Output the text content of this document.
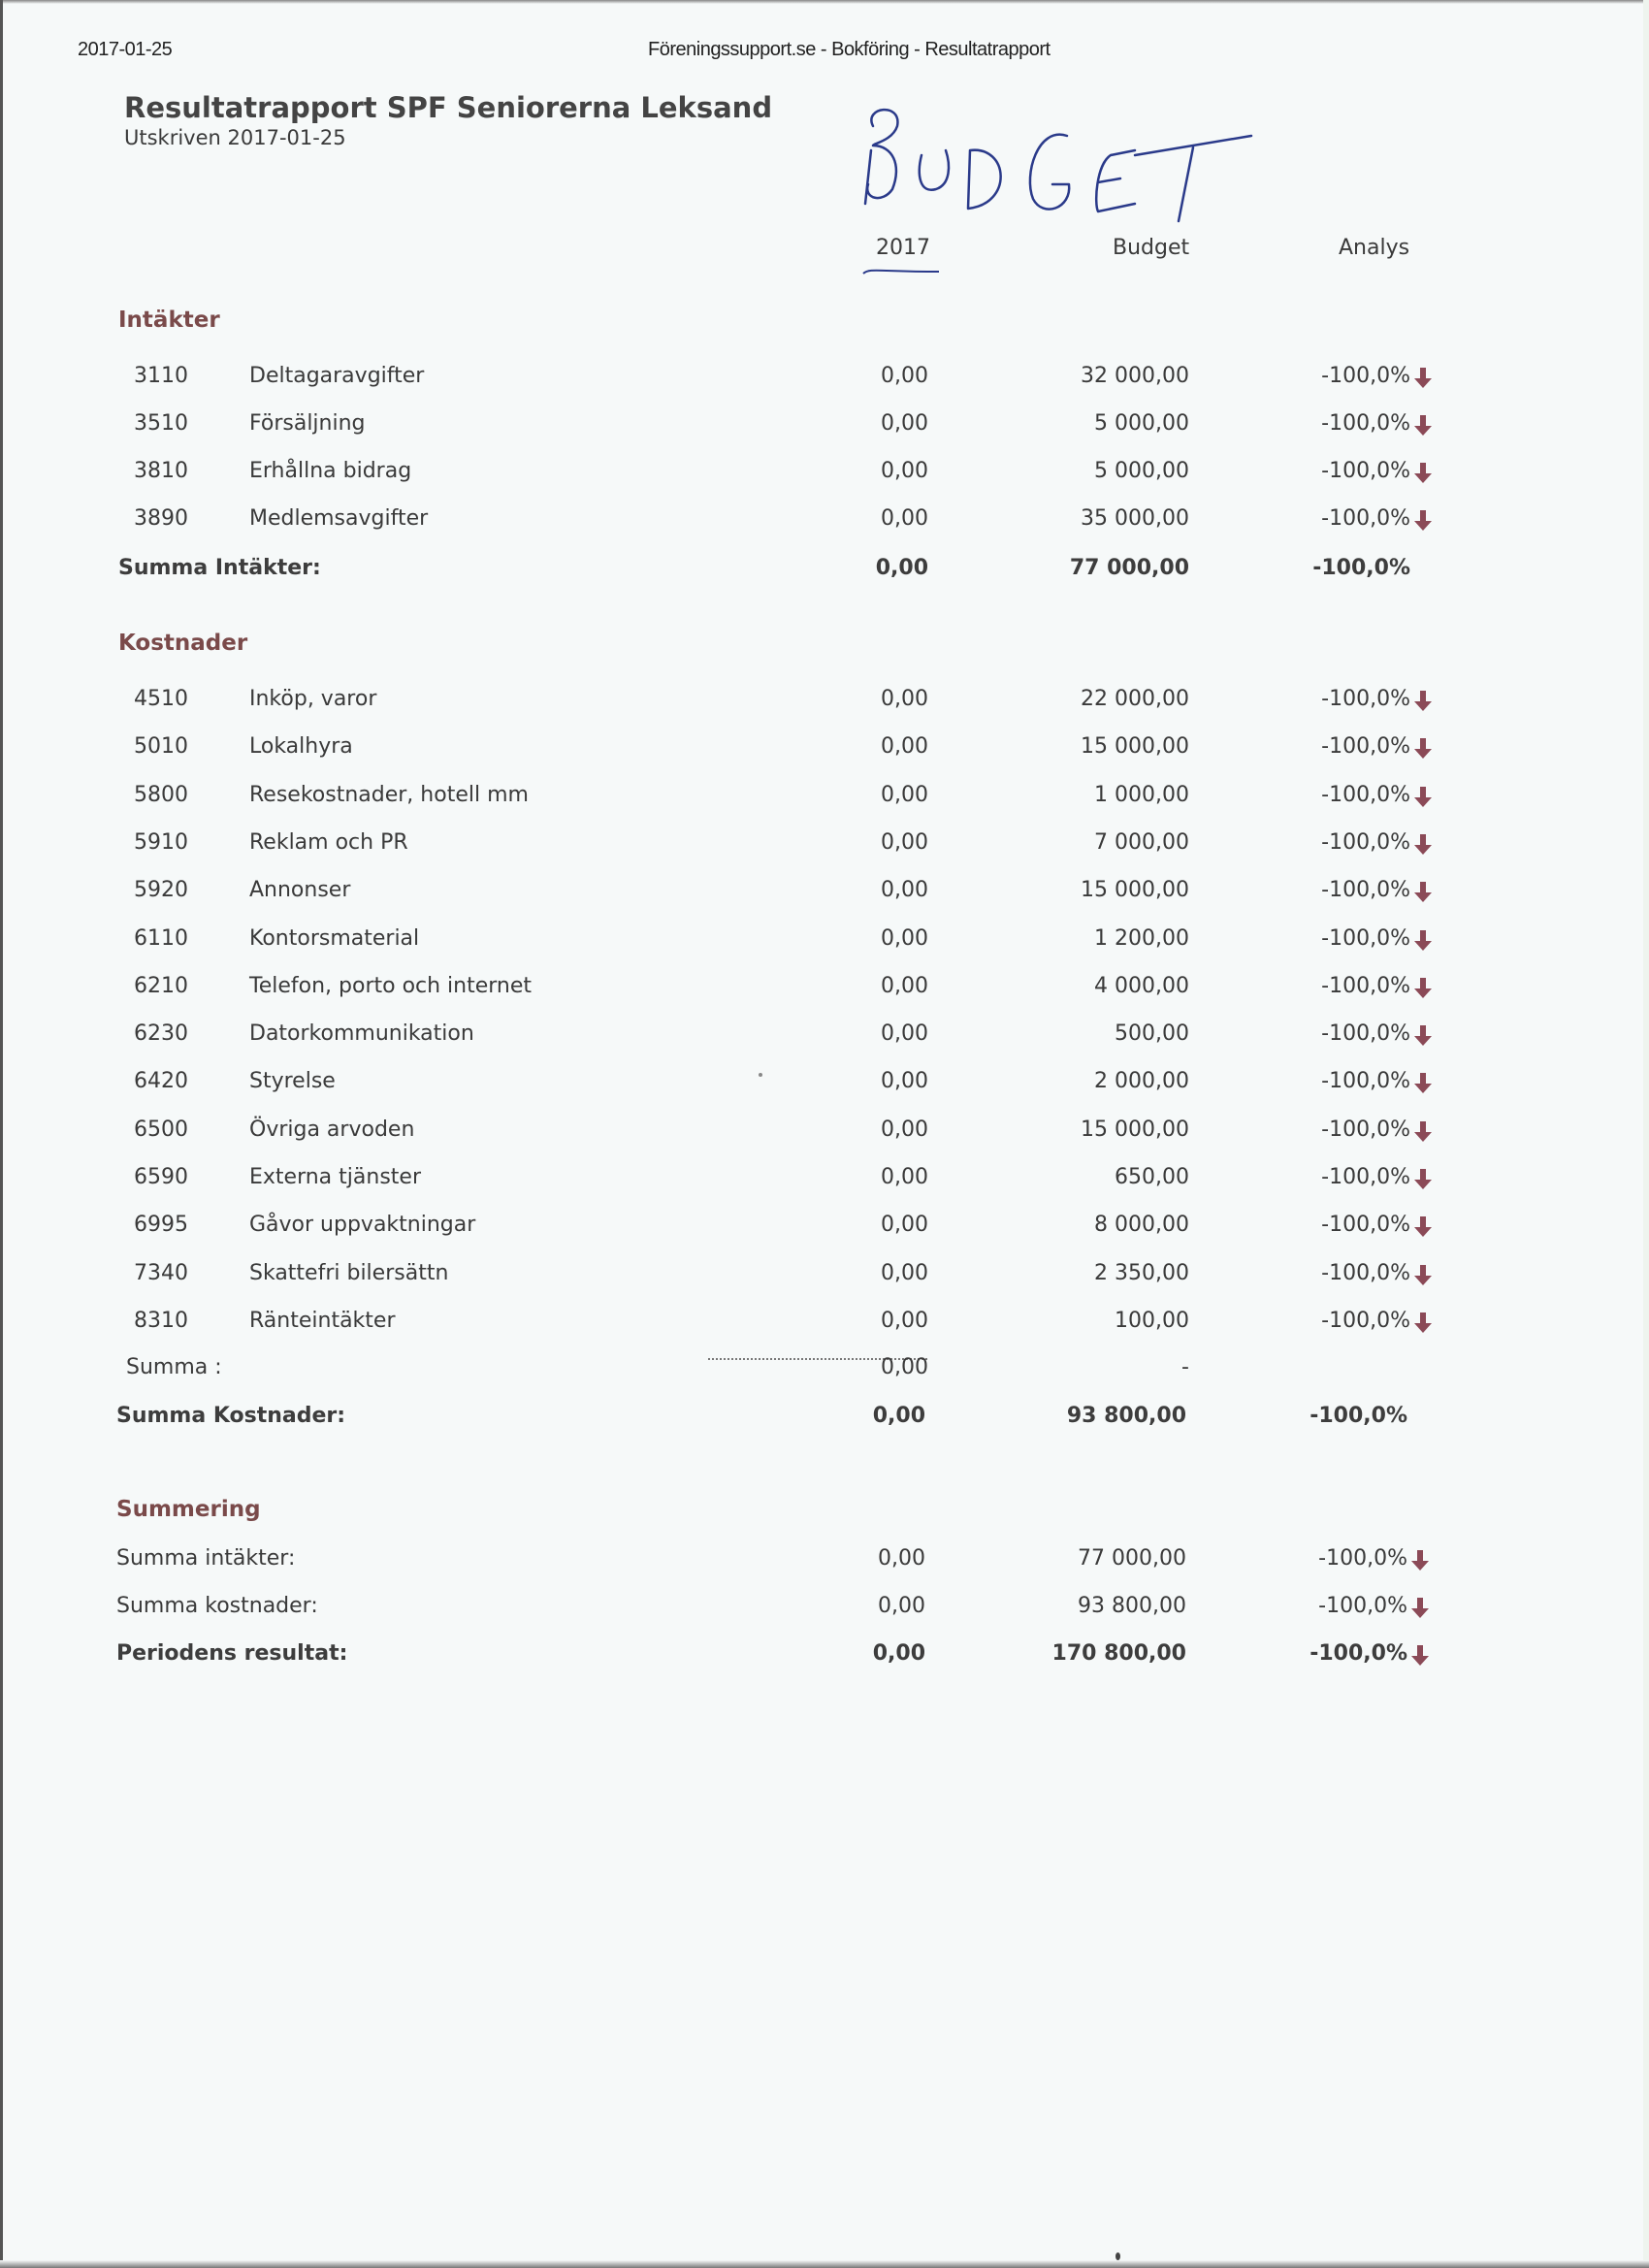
2017-01-25	Föreningssupport.se - Bokföring - Resultatrapport
Resultatrapport SPF Seniorerna Leksand
Utskriven 2017-01-25
2017	Budget	Analys
Intäkter
3110	Deltagaravgifter	0,00	32 000,00	-100,0%
3510	Försäljning	0,00	5 000,00	-100,0%
3810	Erhållna bidrag	0,00	5 000,00	-100,0%
3890	Medlemsavgifter	0,00	35 000,00	-100,0%
Summa Intäkter:	0,00	77 000,00	-100,0%
Kostnader
4510	Inköp, varor	0,00	22 000,00	-100,0%
5010	Lokalhyra	0,00	15 000,00	-100,0%
5800	Resekostnader, hotell mm	0,00	1 000,00	-100,0%
5910	Reklam och PR	0,00	7 000,00	-100,0%
5920	Annonser	0,00	15 000,00	-100,0%
6110	Kontorsmaterial	0,00	1 200,00	-100,0%
6210	Telefon, porto och internet	0,00	4 000,00	-100,0%
6230	Datorkommunikation	0,00	500,00	-100,0%
6420	Styrelse	0,00	2 000,00	-100,0%
6500	Övriga arvoden	0,00	15 000,00	-100,0%
6590	Externa tjänster	0,00	650,00	-100,0%
6995	Gåvor uppvaktningar	0,00	8 000,00	-100,0%
7340	Skattefri bilersättn	0,00	2 350,00	-100,0%
8310	Ränteintäkter	0,00	100,00	-100,0%
Summa :	0,00	-
Summa Kostnader:	0,00	93 800,00	-100,0%
Summering
Summa intäkter:	0,00	77 000,00	-100,0%
Summa kostnader:	0,00	93 800,00	-100,0%
Periodens resultat:	0,00	170 800,00	-100,0%
